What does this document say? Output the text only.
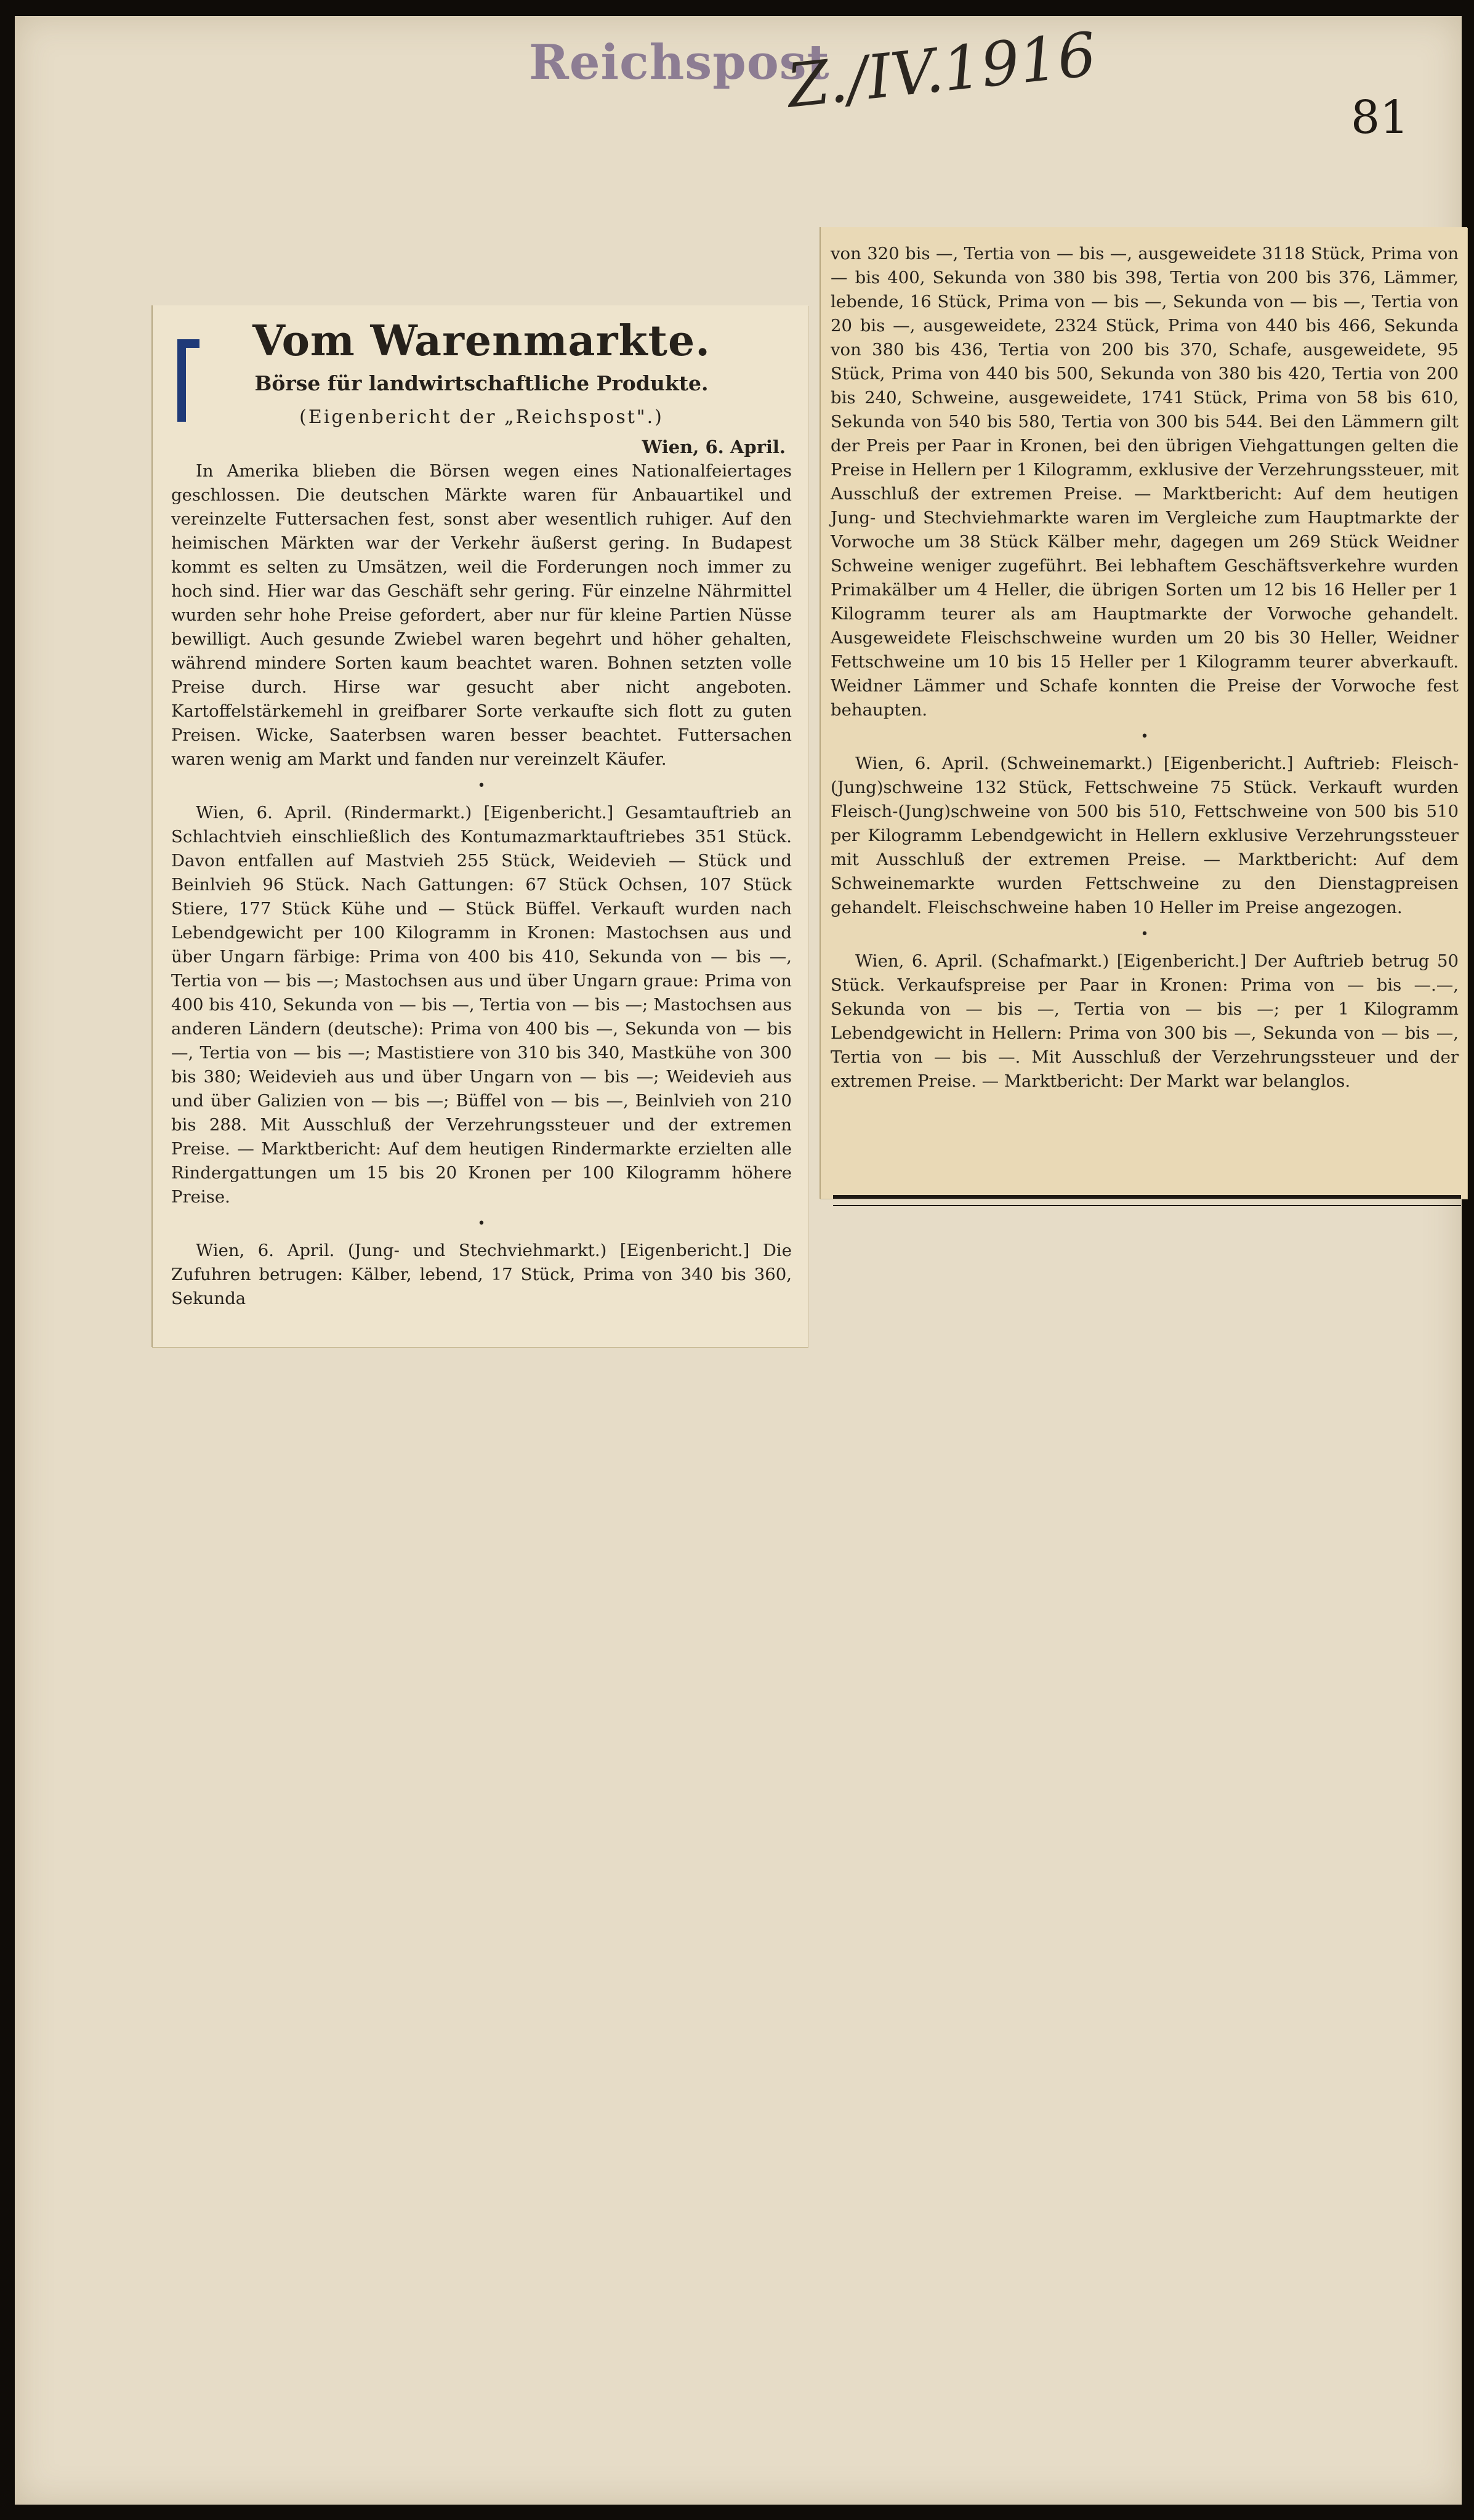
Reichspost
Z./IV.1916	81
Vom Warenmarkte.
Börse für landwirtschaftliche Produkte.
(Eigenbericht der „Reichspost".)
Wien, 6. April.

In Amerika blieben die Börsen wegen eines Nationalfeiertages geschlossen. Die deutschen Märkte waren für Anbauartikel und vereinzelte Futtersachen fest, sonst aber wesentlich ruhiger. Auf den heimischen Märkten war der Verkehr äußerst gering. In Budapest kommt es selten zu Umsätzen, weil die Forderungen noch immer zu hoch sind. Hier war das Geschäft sehr gering. Für einzelne Nährmittel wurden sehr hohe Preise gefordert, aber nur für kleine Partien Nüsse bewilligt. Auch gesunde Zwiebel waren begehrt und höher gehalten, während mindere Sorten kaum beachtet waren. Bohnen setzten volle Preise durch. Hirse war gesucht aber nicht angeboten. Kartoffelstärkemehl in greifbarer Sorte verkaufte sich flott zu guten Preisen. Wicke, Saaterbsen waren besser beachtet. Futtersachen waren wenig am Markt und fanden nur vereinzelt Käufer.

•

Wien, 6. April. (Rindermarkt.) [Eigenbericht.] Gesamtauftrieb an Schlachtvieh einschließlich des Kontumazmarktauftriebes 351 Stück. Davon entfallen auf Mastvieh 255 Stück, Weidevieh — Stück und Beinlvieh 96 Stück. Nach Gattungen: 67 Stück Ochsen, 107 Stück Stiere, 177 Stück Kühe und — Stück Büffel. Verkauft wurden nach Lebendgewicht per 100 Kilogramm in Kronen: Mastochsen aus und über Ungarn färbige: Prima von 400 bis 410, Sekunda von — bis —, Tertia von — bis —; Mastochsen aus und über Ungarn graue: Prima von 400 bis 410, Sekunda von — bis —, Tertia von — bis —; Mastochsen aus anderen Ländern (deutsche): Prima von 400 bis —, Sekunda von — bis —, Tertia von — bis —; Mastistiere von 310 bis 340, Mastkühe von 300 bis 380; Weidevieh aus und über Ungarn von — bis —; Weidevieh aus und über Galizien von — bis —; Büffel von — bis —, Beinlvieh von 210 bis 288. Mit Ausschluß der Verzehrungssteuer und der extremen Preise. — Marktbericht: Auf dem heutigen Rindermarkte erzielten alle Rindergattungen um 15 bis 20 Kronen per 100 Kilogramm höhere Preise.

•

Wien, 6. April. (Jung- und Stechviehmarkt.) [Eigenbericht.] Die Zufuhren betrugen: Kälber, lebend, 17 Stück, Prima von 340 bis 360, Sekunda

von 320 bis —, Tertia von — bis —, ausgeweidete 3118 Stück, Prima von — bis 400, Sekunda von 380 bis 398, Tertia von 200 bis 376, Lämmer, lebende, 16 Stück, Prima von — bis —, Sekunda von — bis —, Tertia von 20 bis —, ausgeweidete, 2324 Stück, Prima von 440 bis 466, Sekunda von 380 bis 436, Tertia von 200 bis 370, Schafe, ausgeweidete, 95 Stück, Prima von 440 bis 500, Sekunda von 380 bis 420, Tertia von 200 bis 240, Schweine, ausgeweidete, 1741 Stück, Prima von 58 bis 610, Sekunda von 540 bis 580, Tertia von 300 bis 544. Bei den Lämmern gilt der Preis per Paar in Kronen, bei den übrigen Viehgattungen gelten die Preise in Hellern per 1 Kilogramm, exklusive der Verzehrungssteuer, mit Ausschluß der extremen Preise. — Marktbericht: Auf dem heutigen Jung- und Stechviehmarkte waren im Vergleiche zum Hauptmarkte der Vorwoche um 38 Stück Kälber mehr, dagegen um 269 Stück Weidner Schweine weniger zugeführt. Bei lebhaftem Geschäftsverkehre wurden Primakälber um 4 Heller, die übrigen Sorten um 12 bis 16 Heller per 1 Kilogramm teurer als am Hauptmarkte der Vorwoche gehandelt. Ausgeweidete Fleischschweine wurden um 20 bis 30 Heller, Weidner Fettschweine um 10 bis 15 Heller per 1 Kilogramm teurer abverkauft. Weidner Lämmer und Schafe konnten die Preise der Vorwoche fest behaupten.

•

Wien, 6. April. (Schweinemarkt.) [Eigenbericht.] Auftrieb: Fleisch-(Jung)schweine 132 Stück, Fettschweine 75 Stück. Verkauft wurden Fleisch-(Jung)schweine von 500 bis 510, Fettschweine von 500 bis 510 per Kilogramm Lebendgewicht in Hellern exklusive Verzehrungssteuer mit Ausschluß der extremen Preise. — Marktbericht: Auf dem Schweinemarkte wurden Fettschweine zu den Dienstagpreisen gehandelt. Fleischschweine haben 10 Heller im Preise angezogen.

•

Wien, 6. April. (Schafmarkt.) [Eigenbericht.] Der Auftrieb betrug 50 Stück. Verkaufspreise per Paar in Kronen: Prima von — bis —.—, Sekunda von — bis —, Tertia von — bis —; per 1 Kilogramm Lebendgewicht in Hellern: Prima von 300 bis —, Sekunda von — bis —, Tertia von — bis —. Mit Ausschluß der Verzehrungssteuer und der extremen Preise. — Marktbericht: Der Markt war belanglos.
